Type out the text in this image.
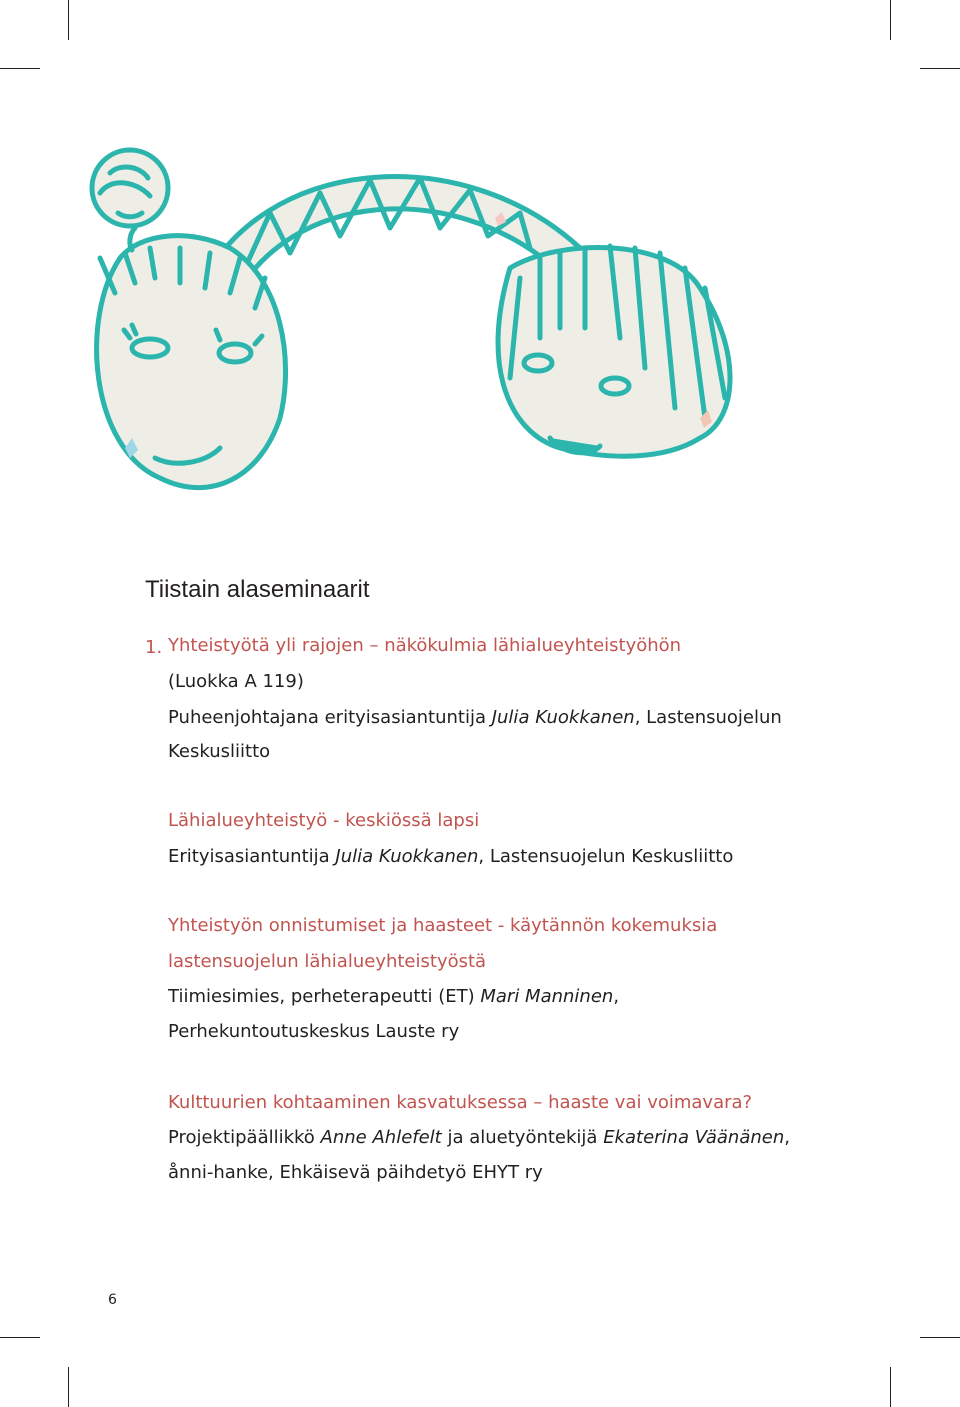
Tiistain alaseminaarit
1. Yhteistyötä yli rajojen – näkökulmia lähialueyhteistyöhön
(Luokka A 119)
Puheenjohtajana erityisasiantuntija Julia Kuokkanen, Lastensuojelun
Keskusliitto
Lähialueyhteistyö - keskiössä lapsi
Erityisasiantuntija Julia Kuokkanen, Lastensuojelun Keskusliitto
Yhteistyön onnistumiset ja haasteet - käytännön kokemuksia
lastensuojelun lähialueyhteistyöstä
Tiimiesimies, perheterapeutti (ET) Mari Manninen,
Perhekuntoutuskeskus Lauste ry
Kulttuurien kohtaaminen kasvatuksessa – haaste vai voimavara?
Projektipäällikkö Anne Ahlefelt ja aluetyöntekijä Ekaterina Väänänen,
ånni-hanke, Ehkäisevä päihdetyö EHYT ry
6
